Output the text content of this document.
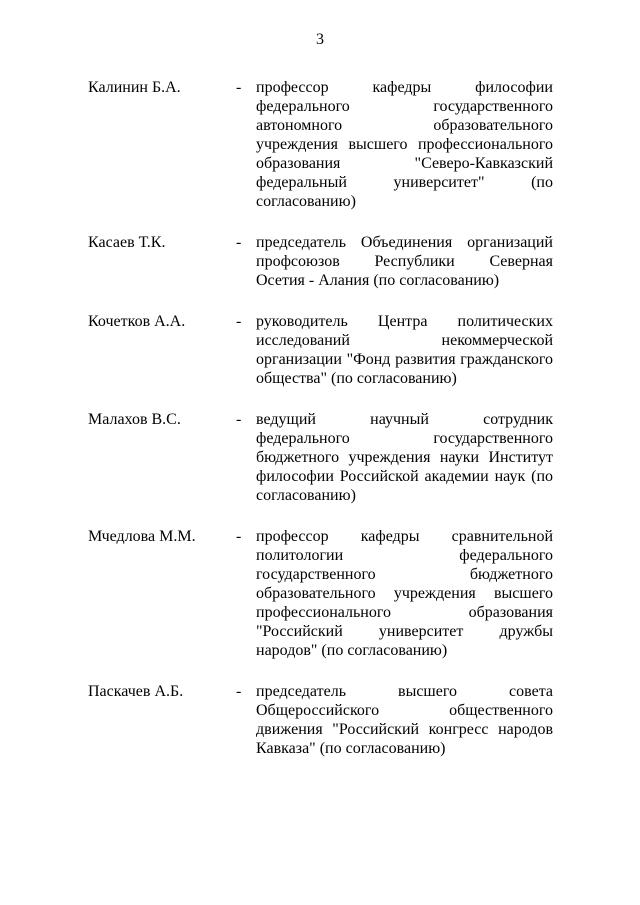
3
Калинин Б.А.	- профессор кафедры философии
федерального государственного
автономного образовательного
учреждения высшего профессионального
образования "Северо-Кавказский
федеральный университет" (по
согласованию)
Касаев Т.К.	- председатель Объединения организаций
профсоюзов Республики Северная
Осетия - Алания (по согласованию)
Кочетков А.А.	- руководитель Центра политических
исследований некоммерческой
организации "Фонд развития гражданского
общества" (по согласованию)
Малахов В.С.	- ведущий научный сотрудник
федерального государственного
бюджетного учреждения науки Институт
философии Российской академии наук (по
согласованию)
Мчедлова М.М.	- профессор кафедры сравнительной
политологии федерального
государственного бюджетного
образовательного учреждения высшего
профессионального образования
"Российский университет дружбы
народов" (по согласованию)
Паскачев А.Б.	- председатель высшего совета
Общероссийского общественного
движения "Российский конгресс народов
Кавказа" (по согласованию)
